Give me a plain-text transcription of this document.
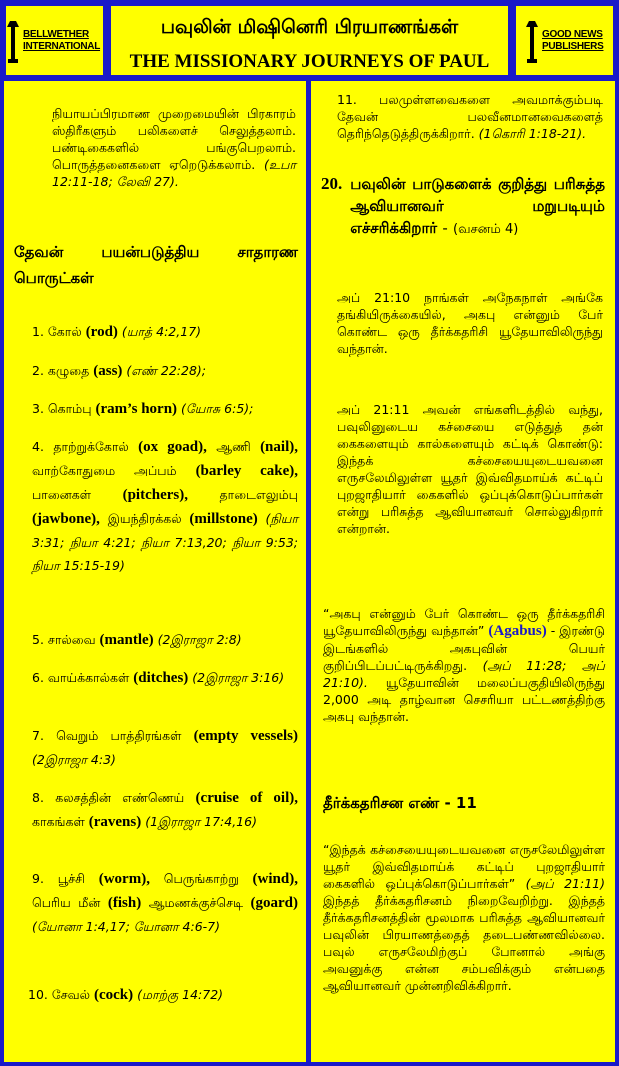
BELLWETHER INTERNATIONAL
பவுலின் மிஷினெரி பிரயாணங்கள்
THE MISSIONARY JOURNEYS OF PAUL
GOOD NEWS PUBLISHERS
நியாயப்பிரமாண முறைமையின் பிரகாரம் ஸ்திரீகளும் பலிகளைச் செலுத்தலாம். பண்டிகைகளில் பங்குபெறலாம். பொருத்தனைகளை ஏறெடுக்கலாம். (உபா 12:11-18; லேவி 27).
தேவன் பயன்படுத்திய சாதாரண பொருட்கள்
1. கோல் (rod) (யாத் 4:2,17)
2. கழுதை (ass) (எண் 22:28);
3. கொம்பு (ram’s horn) (யோசு 6:5);
4. தாற்றுக்கோல் (ox goad), ஆணி (nail), வாற்கோதுமை அப்பம் (barley cake), பானைகள் (pitchers),	தாடைஎலும்பு (jawbone), இயந்திரக்கல் (millstone) (நியா 3:31; நியா 4:21; நியா 7:13,20; நியா 9:53; நியா 15:15-19)
5. சால்வை (mantle) (2இராஜா 2:8)
6. வாய்க்கால்கள் (ditches) (2இராஜா 3:16)
7. வெறும் பாத்திரங்கள் (empty vessels) (2இராஜா 4:3)
8. கலசத்தின் எண்ணெய் (cruise of oil), காகங்கள் (ravens) (1இராஜா 17:4,16)
9. பூச்சி (worm), பெருங்காற்று (wind), பெரிய மீன் (fish) ஆமணக்குச்செடி (goard) (யோனா 1:4,17; யோனா 4:6-7)
10. சேவல் (cock) (மாற்கு 14:72)
11. பலமுள்ளவைகளை அவமாக்கும்படி தேவன் பலவீனமானவைகளைத் தெரிந்தெடுத்திருக்கிறார். (1கொரி 1:18-21).
20. பவுலின் பாடுகளைக் குறித்து பரிசுத்த ஆவியானவர் மறுபடியும் எச்சரிக்கிறார் - (வசனம் 4)
அப் 21:10 நாங்கள் அநேகநாள் அங்கே தங்கியிருக்கையில், அகபு என்னும் பேர் கொண்ட ஒரு தீர்க்கதரிசி யூதேயாவிலிருந்து வந்தான்.
அப் 21:11 அவன் எங்களிடத்தில் வந்து, பவுலினுடைய கச்சையை எடுத்துத் தன் கைகளையும் கால்களையும் கட்டிக் கொண்டு: இந்தக் கச்சையையுடையவனை எருசலேமிலுள்ள யூதர் இவ்விதமாய்க் கட்டிப் புறஜாதியார் கைகளில் ஒப்புக்கொடுப்பார்கள் என்று பரிசுத்த ஆவியானவர் சொல்லுகிறார் என்றான்.
“அகபு என்னும் பேர் கொண்ட ஒரு தீர்க்கதரிசி யூதேயாவிலிருந்து வந்தான்” (Agabus) - இரண்டு இடங்களில் அகபுவின் பெயர் குறிப்பிடப்பட்டிருக்கிறது. (அப் 11:28; அப் 21:10). யூதேயாவின் மலைப்பகுதியிலிருந்து 2,000 அடி தாழ்வான செசரியா பட்டணத்திற்கு அகபு வந்தான்.
தீர்க்கதரிசன எண் - 11
“இந்தக் கச்சையையுடையவனை எருசலேமிலுள்ள யூதர் இவ்விதமாய்க் கட்டிப் புறஜாதியார் கைகளில் ஒப்புக்கொடுப்பார்கள்” (அப் 21:11) இந்தத் தீர்க்கதரிசனம் நிறைவேறிற்று. இந்தத் தீர்க்கதரிசனத்தின் மூலமாக பரிசுத்த ஆவியானவர் பவுலின் பிரயாணத்தைத் தடைபண்ணவில்லை. பவுல் எருசலேமிற்குப் போனால் அங்கு அவனுக்கு என்ன சம்பவிக்கும் என்பதை ஆவியானவர் முன்னறிவிக்கிறார்.
